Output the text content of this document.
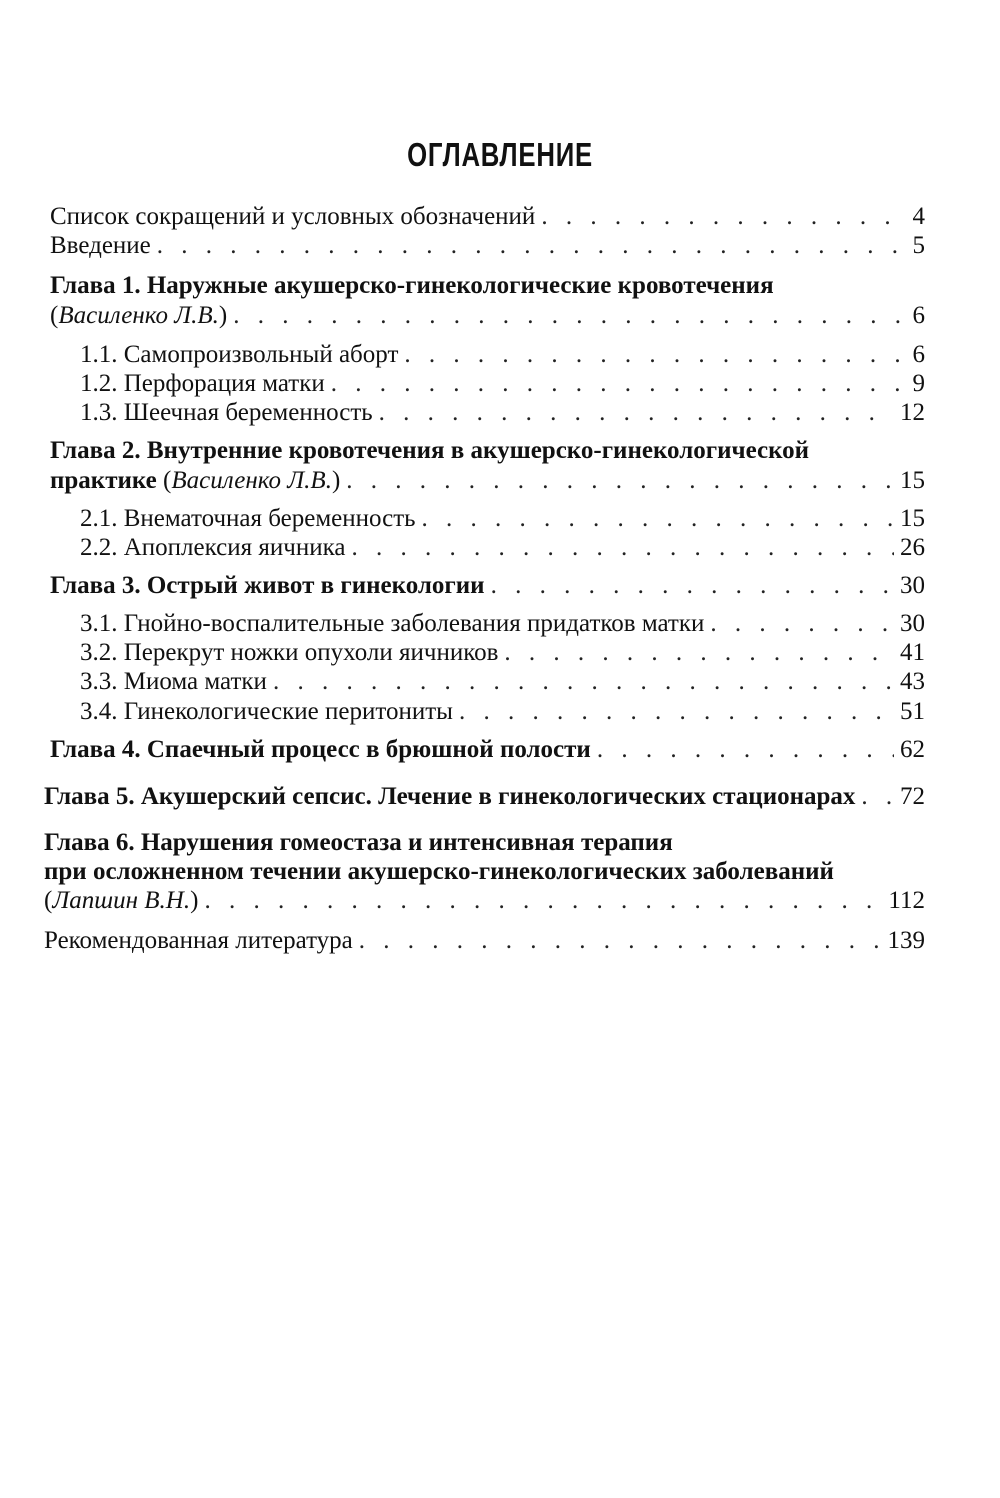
ОГЛАВЛЕНИЕ
Список сокращений и условных обозначений . . .	4
Введение . . .	5
Глава 1. Наружные акушерско-гинекологические кровотечения
(Василенко Л.В.) . . .	6
1.1. Самопроизвольный аборт . . .	6
1.2. Перфорация матки . . .	9
1.3. Шеечная беременность . . .	12
Глава 2. Внутренние кровотечения в акушерско-гинекологической
практике (Василенко Л.В.) . . .	15
2.1. Внематочная беременность . . .	15
2.2. Апоплексия яичника . . .	26
Глава 3. Острый живот в гинекологии . . .	30
3.1. Гнойно-воспалительные заболевания придатков матки . . .	30
3.2. Перекрут ножки опухоли яичников . . .	41
3.3. Миома матки . . .	43
3.4. Гинекологические перитониты . . .	51
Глава 4. Спаечный процесс в брюшной полости . . .	62
Глава 5. Акушерский сепсис. Лечение в гинекологических стационарах . . . 72
Глава 6. Нарушения гомеостаза и интенсивная терапия
при осложненном течении акушерско-гинекологических заболеваний
(Лапшин В.Н.) . . .	112
Рекомендованная литература . . .	139
